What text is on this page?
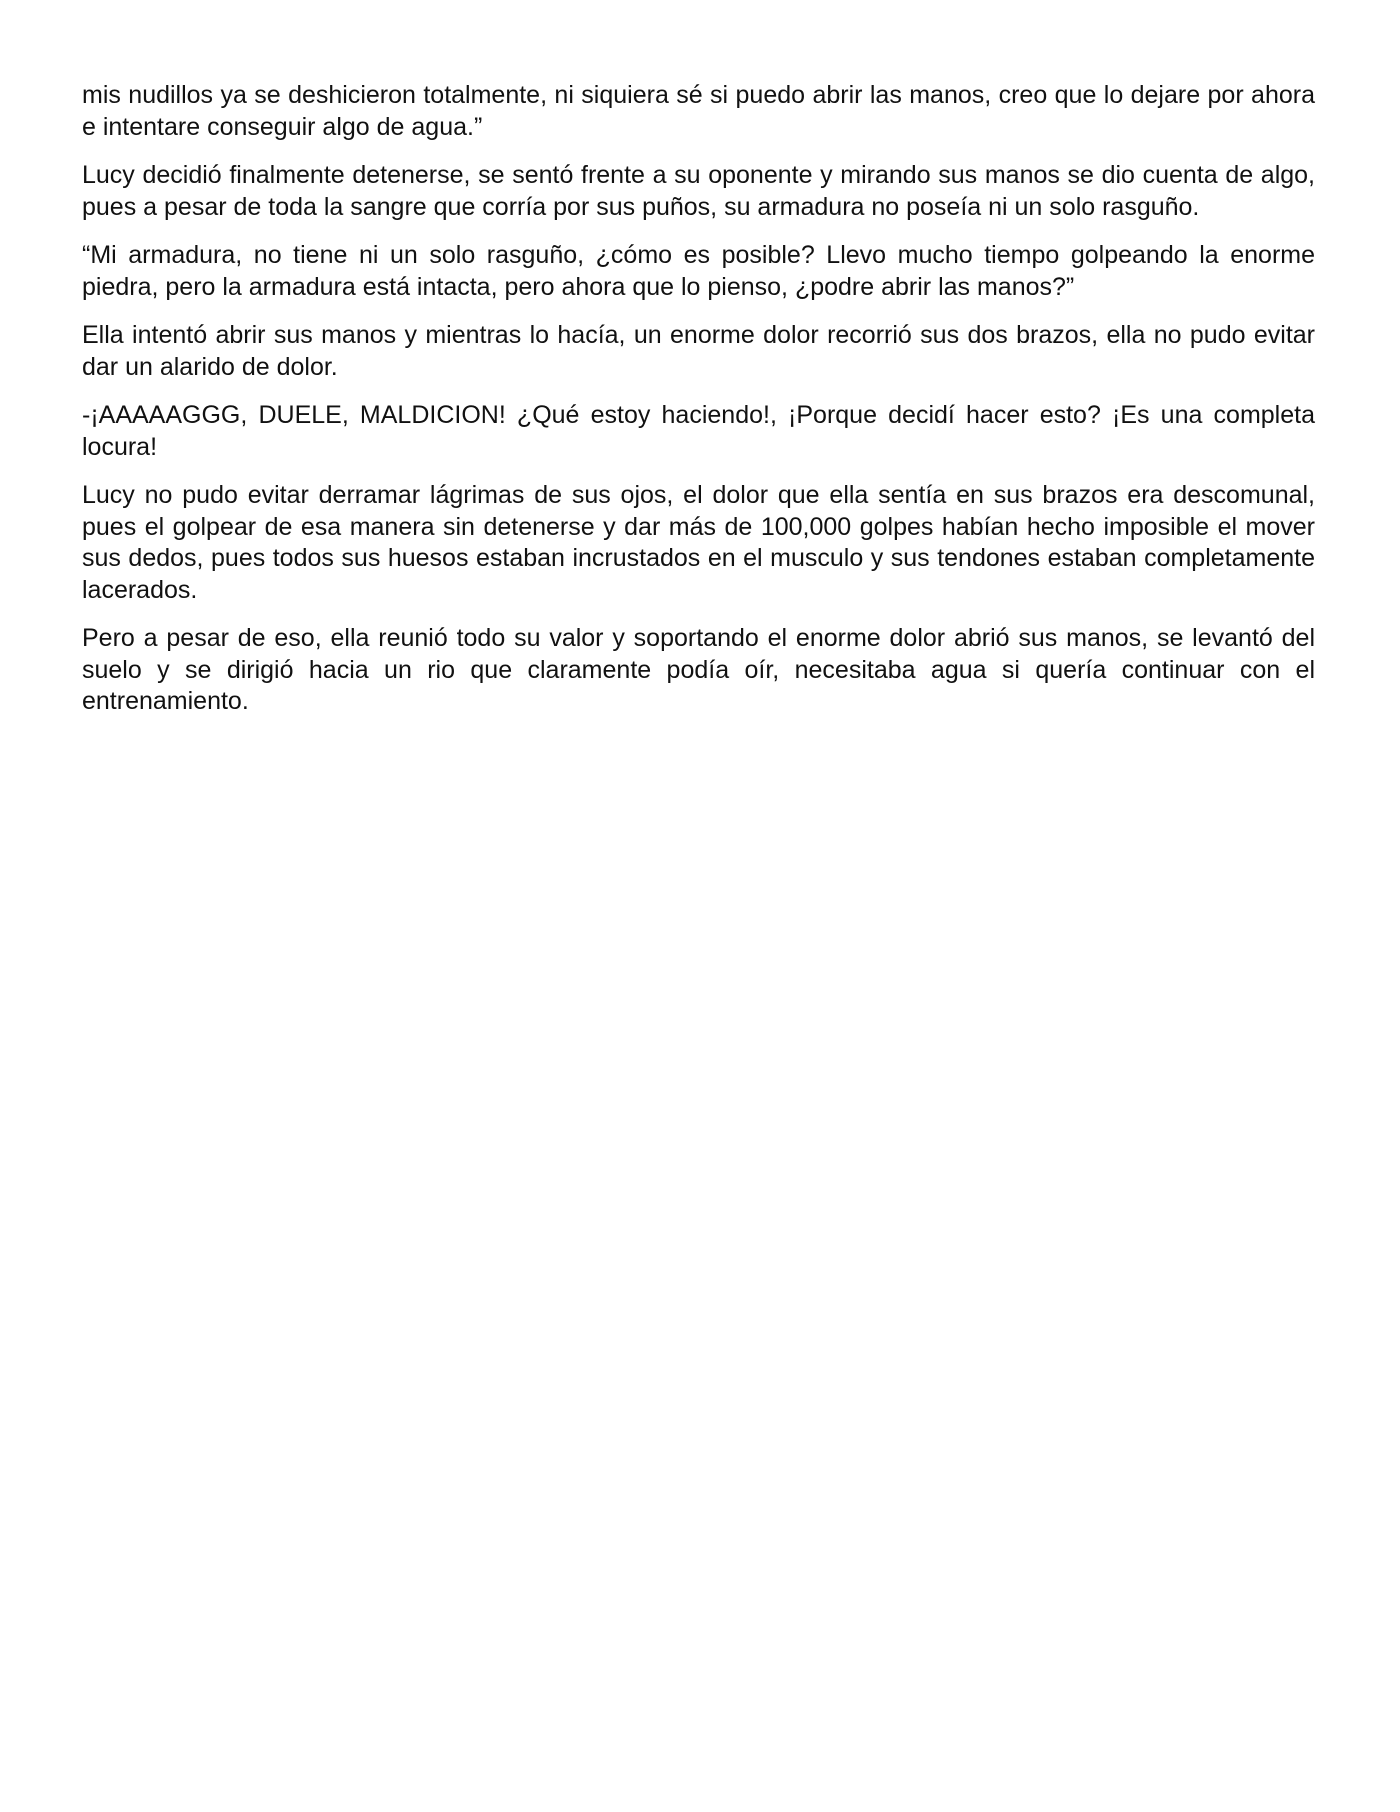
mis nudillos ya se deshicieron totalmente, ni siquiera sé si puedo abrir las manos, creo que lo dejare por ahora e intentare conseguir algo de agua.”

Lucy decidió finalmente detenerse, se sentó frente a su oponente y mirando sus manos se dio cuenta de algo, pues a pesar de toda la sangre que corría por sus puños, su armadura no poseía ni un solo rasguño.

“Mi armadura, no tiene ni un solo rasguño, ¿cómo es posible? Llevo mucho tiempo golpeando la enorme piedra, pero la armadura está intacta, pero ahora que lo pienso, ¿podre abrir las manos?”

Ella intentó abrir sus manos y mientras lo hacía, un enorme dolor recorrió sus dos brazos, ella no pudo evitar dar un alarido de dolor.

-¡AAAAAGGG, DUELE, MALDICION! ¿Qué estoy haciendo!, ¡Porque decidí hacer esto? ¡Es una completa locura!

Lucy no pudo evitar derramar lágrimas de sus ojos, el dolor que ella sentía en sus brazos era descomunal, pues el golpear de esa manera sin detenerse y dar más de 100,000 golpes habían hecho imposible el mover sus dedos, pues todos sus huesos estaban incrustados en el musculo y sus tendones estaban completamente lacerados.

Pero a pesar de eso, ella reunió todo su valor y soportando el enorme dolor abrió sus manos, se levantó del suelo y se dirigió hacia un rio que claramente podía oír, necesitaba agua si quería continuar con el entrenamiento.
